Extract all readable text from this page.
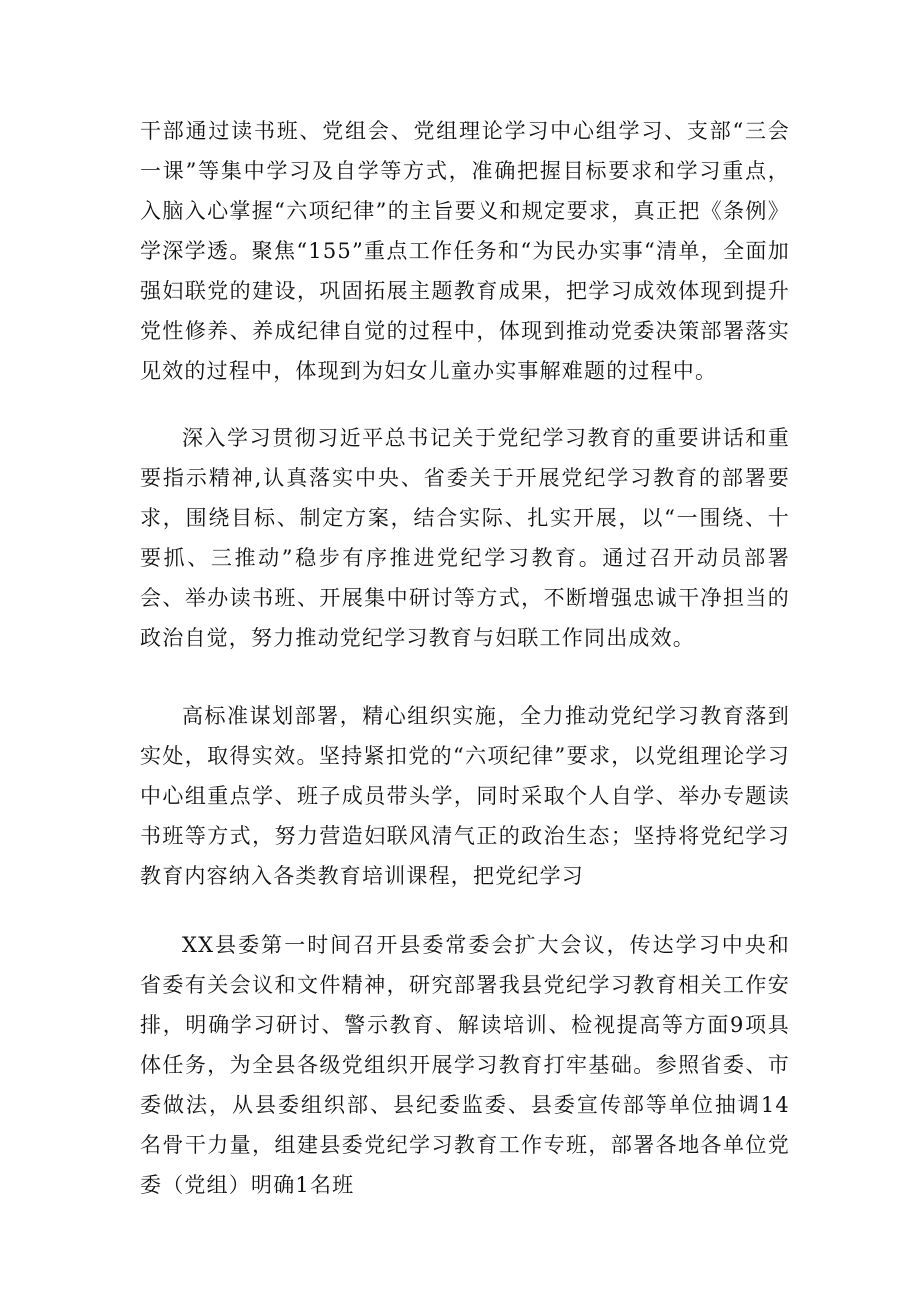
干部通过读书班、党组会、党组理论学习中心组学习、支部“三会一课”等集中学习及自学等方式，准确把握目标要求和学习重点，入脑入心掌握“六项纪律”的主旨要义和规定要求，真正把《条例》学深学透。聚焦“155”重点工作任务和“为民办实事“清单，全面加强妇联党的建设，巩固拓展主题教育成果，把学习成效体现到提升党性修养、养成纪律自觉的过程中，体现到推动党委决策部署落实见效的过程中，体现到为妇女儿童办实事解难题的过程中。

深入学习贯彻习近平总书记关于党纪学习教育的重要讲话和重要指示精神,认真落实中央、省委关于开展党纪学习教育的部署要求，围绕目标、制定方案，结合实际、扎实开展，以“一围绕、十要抓、三推动”稳步有序推进党纪学习教育。通过召开动员部署会、举办读书班、开展集中研讨等方式，不断增强忠诚干净担当的政治自觉，努力推动党纪学习教育与妇联工作同出成效。

高标准谋划部署，精心组织实施，全力推动党纪学习教育落到实处，取得实效。坚持紧扣党的“六项纪律”要求，以党组理论学习中心组重点学、班子成员带头学，同时采取个人自学、举办专题读书班等方式，努力营造妇联风清气正的政治生态；坚持将党纪学习教育内容纳入各类教育培训课程，把党纪学习

XX县委第一时间召开县委常委会扩大会议，传达学习中央和省委有关会议和文件精神，研究部署我县党纪学习教育相关工作安排，明确学习研讨、警示教育、解读培训、检视提高等方面9项具体任务，为全县各级党组织开展学习教育打牢基础。参照省委、市委做法，从县委组织部、县纪委监委、县委宣传部等单位抽调14名骨干力量，组建县委党纪学习教育工作专班，部署各地各单位党委（党组）明确1名班
